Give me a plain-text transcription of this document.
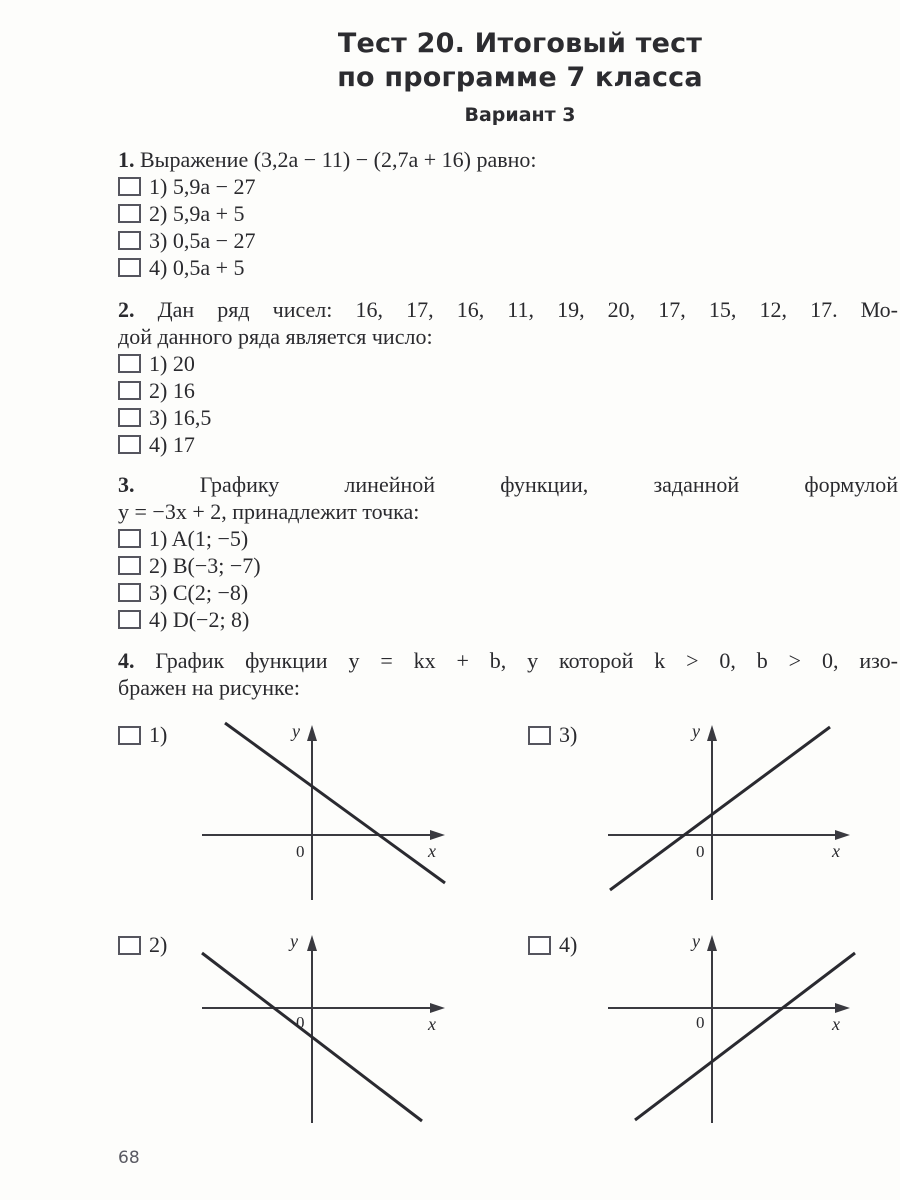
Тест 20. Итоговый тест
по программе 7 класса
Вариант 3
1. Выражение (3,2a − 11) − (2,7a + 16) равно:
1) 5,9a − 27
2) 5,9a + 5
3) 0,5a − 27
4) 0,5a + 5
2. Дан ряд чисел: 16, 17, 16, 11, 19, 20, 17, 15, 12, 17. Мо-
дой данного ряда является число:
1) 20
2) 16
3) 16,5
4) 17
3.	Графику линейной функции, заданной формулой
y = −3x + 2, принадлежит точка:
1) A(1; −5)
2) B(−3; −7)
3) C(2; −8)
4) D(−2; 8)
4. График функции y = kx + b, у которой k > 0, b > 0, изо-
бражен на рисунке:
1)	3)
2)	4)
y
x
0
y
x
0
y
x
0
y
x
0
68
